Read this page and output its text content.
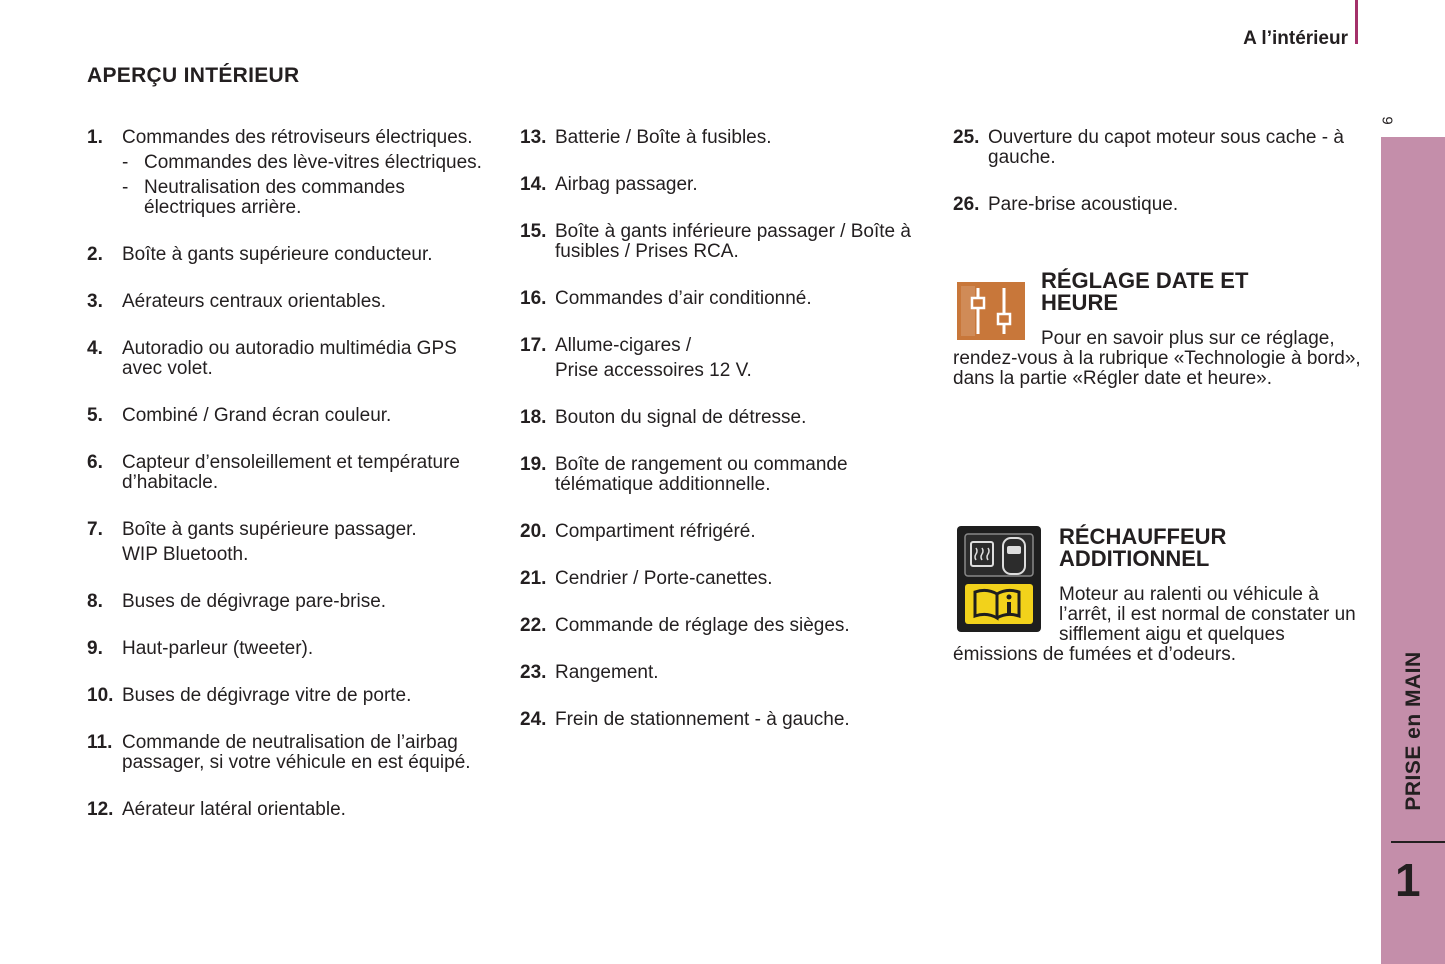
A l’intérieur
APERÇU INTÉRIEUR
1. Commandes des rétroviseurs électriques.
- Commandes des lève-vitres électriques.
- Neutralisation des commandes électriques arrière.
2. Boîte à gants supérieure conducteur.
3. Aérateurs centraux orientables.
4. Autoradio ou autoradio multimédia GPS avec volet.
5. Combiné / Grand écran couleur.
6. Capteur d’ensoleillement et température d’habitacle.
7. Boîte à gants supérieure passager.
WIP Bluetooth.
8. Buses de dégivrage pare-brise.
9. Haut-parleur (tweeter).
10. Buses de dégivrage vitre de porte.
11. Commande de neutralisation de l’airbag passager, si votre véhicule en est équipé.
12. Aérateur latéral orientable.
13. Batterie / Boîte à fusibles.
14. Airbag passager.
15. Boîte à gants inférieure passager / Boîte à fusibles / Prises RCA.
16. Commandes d’air conditionné.
17. Allume-cigares /
Prise accessoires 12 V.
18. Bouton du signal de détresse.
19. Boîte de rangement ou commande télématique additionnelle.
20. Compartiment réfrigéré.
21. Cendrier / Porte-canettes.
22. Commande de réglage des sièges.
23. Rangement.
24. Frein de stationnement - à gauche.
25. Ouverture du capot moteur sous cache - à gauche.
26. Pare-brise acoustique.
RÉGLAGE DATE ET
HEURE

Pour en savoir plus sur ce réglage, rendez-vous à la rubrique «Technologie à bord», dans la partie «Régler date et heure».

RÉCHAUFFEUR
ADDITIONNEL

Moteur au ralenti ou véhicule à l’arrêt, il est normal de constater un sifflement aigu et quelques émissions de fumées et d’odeurs.

9
PRISE en MAIN
1
